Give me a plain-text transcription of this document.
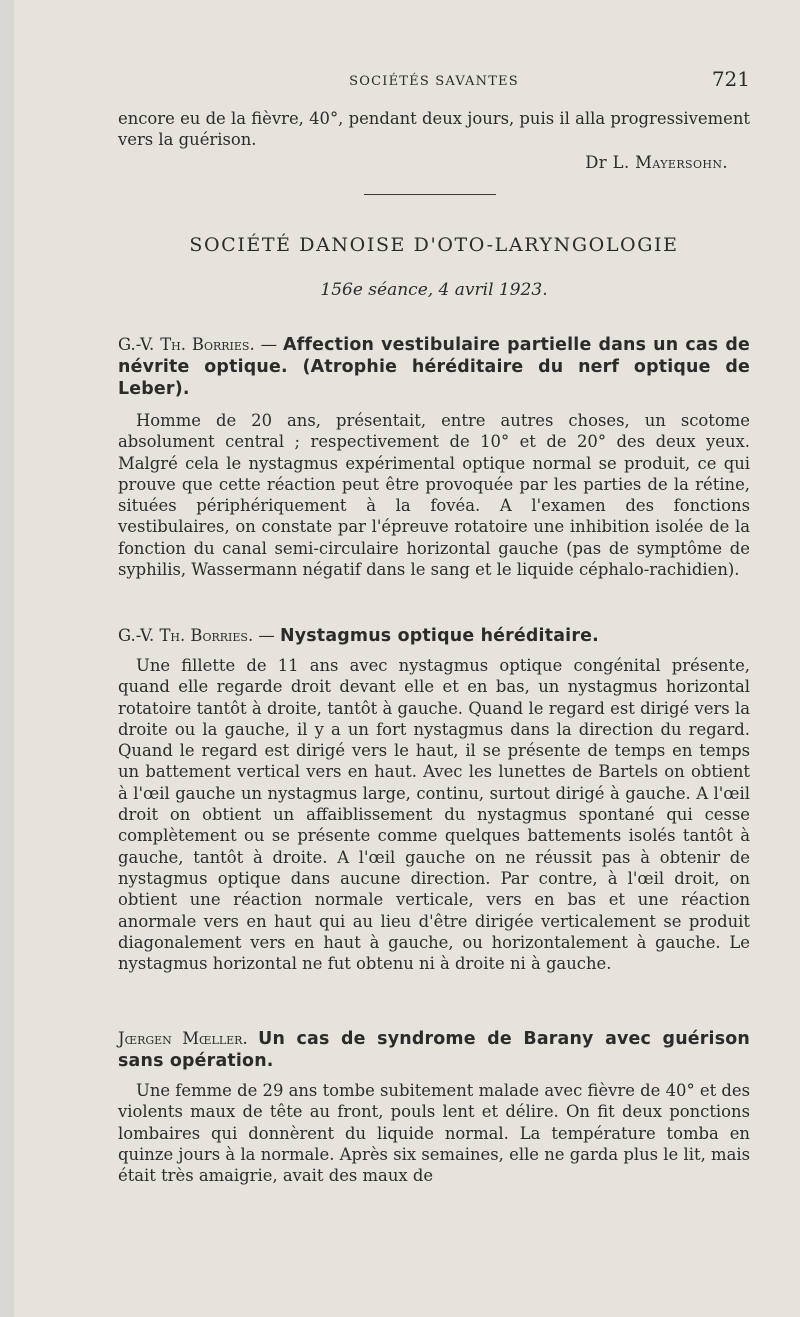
SOCIÉTÉS SAVANTES	721

encore eu de la fièvre, 40°, pendant deux jours, puis il alla progressivement vers la guérison.

Dr L. Mayersohn.
SOCIÉTÉ DANOISE D'OTO-LARYNGOLOGIE
156e séance, 4 avril 1923.

G.-V. Th. Borries. — Affection vestibulaire partielle dans un cas de névrite optique. (Atrophie héréditaire du nerf optique de Leber).

Homme de 20 ans, présentait, entre autres choses, un scotome absolument central ; respectivement de 10° et de 20° des deux yeux. Malgré cela le nystagmus expérimental optique normal se produit, ce qui prouve que cette réaction peut être provoquée par les parties de la rétine, situées périphériquement à la fovéa. A l'examen des fonctions vestibulaires, on constate par l'épreuve rotatoire une inhibition isolée de la fonction du canal semi-circulaire horizontal gauche (pas de symptôme de syphilis, Wassermann négatif dans le sang et le liquide céphalo-rachidien).

G.-V. Th. Borries. — Nystagmus optique héréditaire.

Une fillette de 11 ans avec nystagmus optique congénital présente, quand elle regarde droit devant elle et en bas, un nystagmus horizontal rotatoire tantôt à droite, tantôt à gauche. Quand le regard est dirigé vers la droite ou la gauche, il y a un fort nystagmus dans la direction du regard. Quand le regard est dirigé vers le haut, il se présente de temps en temps un battement vertical vers en haut. Avec les lunettes de Bartels on obtient à l'œil gauche un nystagmus large, continu, surtout dirigé à gauche. A l'œil droit on obtient un affaiblissement du nystagmus spontané qui cesse complètement ou se présente comme quelques battements isolés tantôt à gauche, tantôt à droite. A l'œil gauche on ne réussit pas à obtenir de nystagmus optique dans aucune direction. Par contre, à l'œil droit, on obtient une réaction normale verticale, vers en bas et une réaction anormale vers en haut qui au lieu d'être dirigée verticalement se produit diagonalement vers en haut à gauche, ou horizontalement à gauche. Le nystagmus horizontal ne fut obtenu ni à droite ni à gauche.

Jœrgen Mœller. Un cas de syndrome de Barany avec guérison sans opération.

Une femme de 29 ans tombe subitement malade avec fièvre de 40° et des violents maux de tête au front, pouls lent et délire. On fit deux ponctions lombaires qui donnèrent du liquide normal. La température tomba en quinze jours à la normale. Après six semaines, elle ne garda plus le lit, mais était très amaigrie, avait des maux de
